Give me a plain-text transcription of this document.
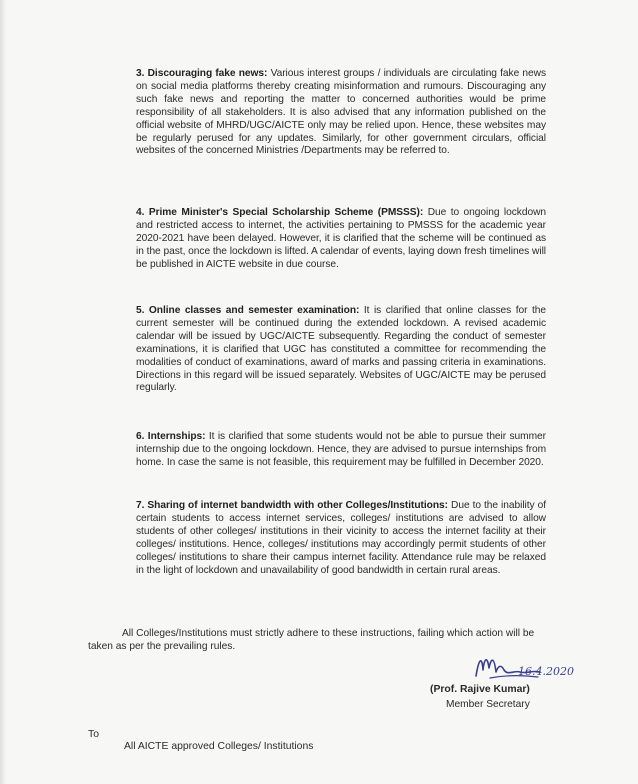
3. Discouraging fake news: Various interest groups / individuals are circulating fake news on social media platforms thereby creating misinformation and rumours. Discouraging any such fake news and reporting the matter to concerned authorities would be prime responsibility of all stakeholders. It is also advised that any information published on the official website of MHRD/UGC/AICTE only may be relied upon. Hence, these websites may be regularly perused for any updates. Similarly, for other government circulars, official websites of the concerned Ministries /Departments may be referred to.

4. Prime Minister's Special Scholarship Scheme (PMSSS): Due to ongoing lockdown and restricted access to internet, the activities pertaining to PMSSS for the academic year 2020-2021 have been delayed. However, it is clarified that the scheme will be continued as in the past, once the lockdown is lifted. A calendar of events, laying down fresh timelines will be published in AICTE website in due course.

5. Online classes and semester examination: It is clarified that online classes for the current semester will be continued during the extended lockdown. A revised academic calendar will be issued by UGC/AICTE subsequently. Regarding the conduct of semester examinations, it is clarified that UGC has constituted a committee for recommending the modalities of conduct of examinations, award of marks and passing criteria in examinations. Directions in this regard will be issued separately. Websites of UGC/AICTE may be perused regularly.

6. Internships: It is clarified that some students would not be able to pursue their summer internship due to the ongoing lockdown. Hence, they are advised to pursue internships from home. In case the same is not feasible, this requirement may be fulfilled in December 2020.

7. Sharing of internet bandwidth with other Colleges/Institutions: Due to the inability of certain students to access internet services, colleges/ institutions are advised to allow students of other colleges/ institutions in their vicinity to access the internet facility at their colleges/ institutions. Hence, colleges/ institutions may accordingly permit students of other colleges/ institutions to share their campus internet facility. Attendance rule may be relaxed in the light of lockdown and unavailability of good bandwidth in certain rural areas.

All Colleges/Institutions must strictly adhere to these instructions, failing which action will be taken as per the prevailing rules.

16.4.2020

(Prof. Rajive Kumar)

Member Secretary

To

All AICTE approved Colleges/ Institutions
